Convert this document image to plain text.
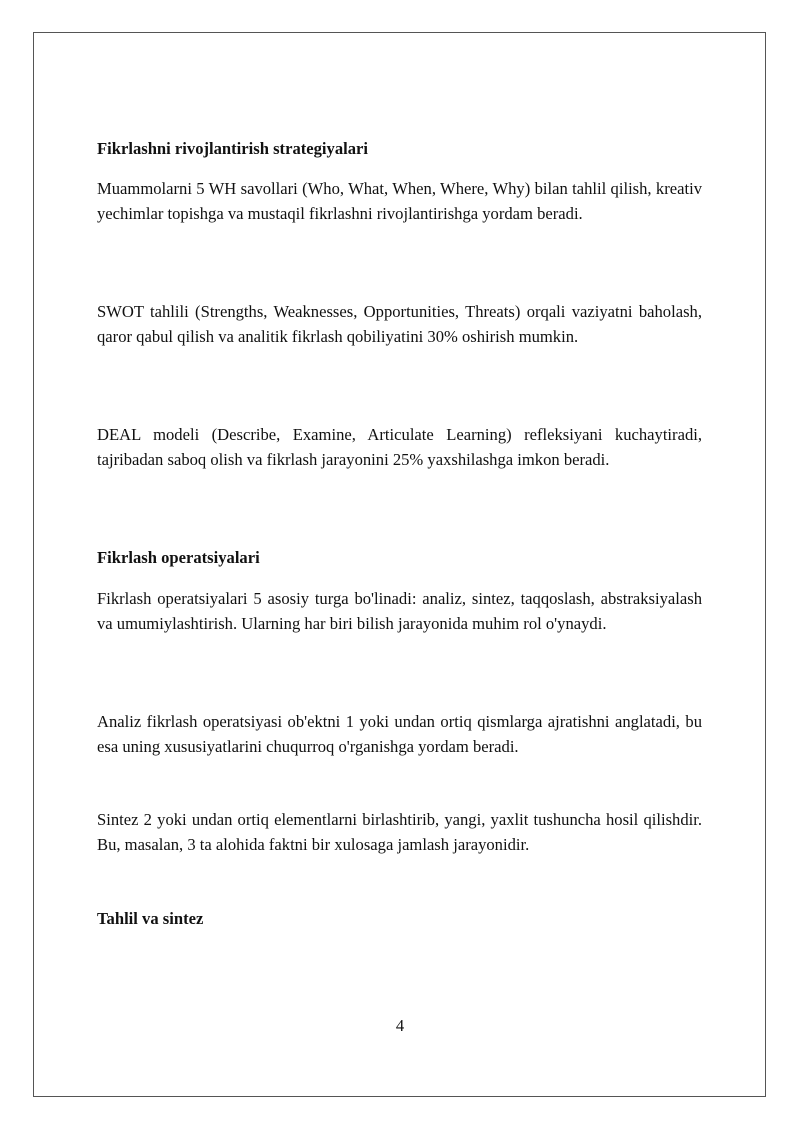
Fikrlashni rivojlantirish strategiyalari

Muammolarni 5 WH savollari (Who, What, When, Where, Why) bilan tahlil qilish, kreativ yechimlar topishga va mustaqil fikrlashni rivojlantirishga yordam beradi.

SWOT tahlili (Strengths, Weaknesses, Opportunities, Threats) orqali vaziyatni baholash, qaror qabul qilish va analitik fikrlash qobiliyatini 30% oshirish mumkin.

DEAL modeli (Describe, Examine, Articulate Learning) refleksiyani kuchaytiradi, tajribadan saboq olish va fikrlash jarayonini 25% yaxshilashga imkon beradi.

Fikrlash operatsiyalari

Fikrlash operatsiyalari 5 asosiy turga bo'linadi: analiz, sintez, taqqoslash, abstraksiyalash va umumiylashtirish. Ularning har biri bilish jarayonida muhim rol o'ynaydi.

Analiz fikrlash operatsiyasi ob'ektni 1 yoki undan ortiq qismlarga ajratishni anglatadi, bu esa uning xususiyatlarini chuqurroq o'rganishga yordam beradi.

Sintez 2 yoki undan ortiq elementlarni birlashtirib, yangi, yaxlit tushuncha hosil qilishdir. Bu, masalan, 3 ta alohida faktni bir xulosaga jamlash jarayonidir.

Tahlil va sintez
4
